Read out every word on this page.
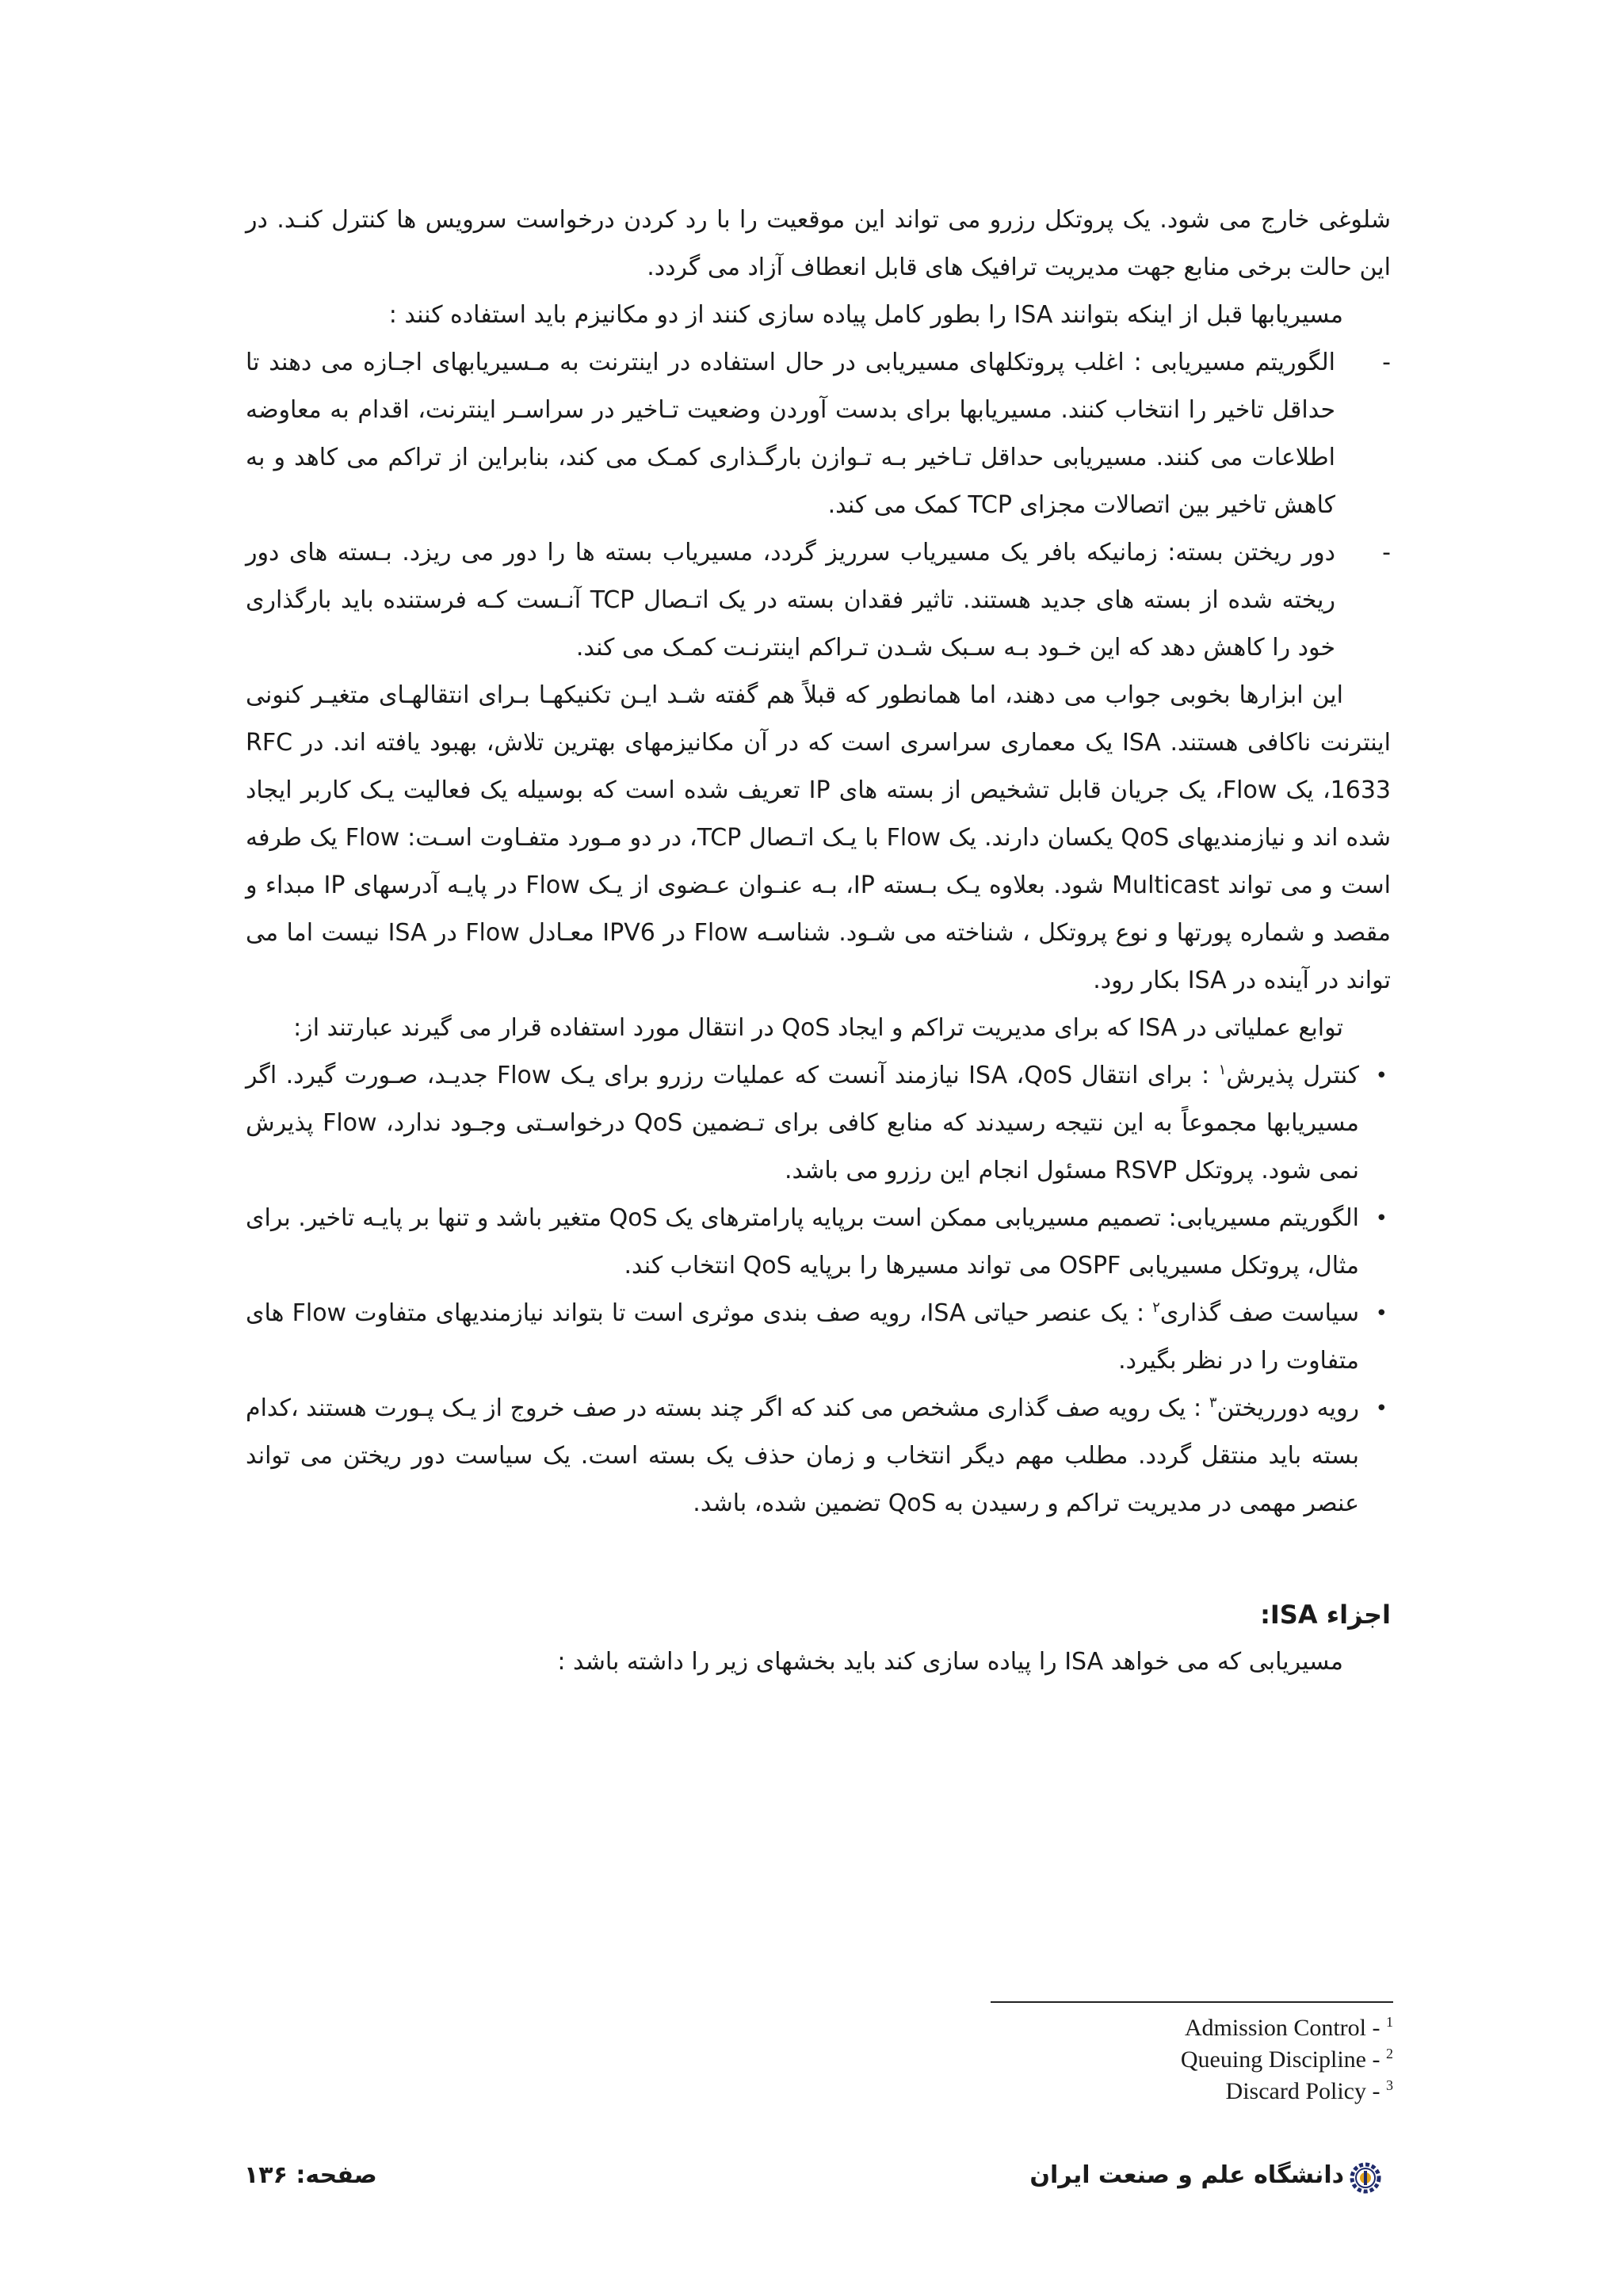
شلوغی خارج می شود. یک پروتکل رزرو می تواند این موقعیت را با رد کردن درخواست سرویس ها کنترل کنـد. در این حالت برخی منابع جهت مدیریت ترافیک های قابل انعطاف آزاد می گردد.

مسیریابها قبل از اینکه بتوانند ISA را بطور کامل پیاده سازی کنند از دو مکانیزم باید استفاده کنند :

- الگوریتم مسیریابی : اغلب پروتکلهای مسیریابی در حال استفاده در اینترنت به مـسیریابهای اجـازه می دهند تا حداقل تاخیر را انتخاب کنند. مسیریابها برای بدست آوردن وضعیت تـاخیر در سراسـر اینترنت، اقدام به معاوضه اطلاعات می کنند. مسیریابی حداقل تـاخیر بـه تـوازن بارگـذاری کمـک می کند، بنابراین از تراکم می کاهد و به کاهش تاخیر بین اتصالات مجزای TCP کمک می کند.
- دور ریختن بسته: زمانیکه بافر یک مسیریاب سرریز گردد، مسیریاب بسته ها را دور می ریزد. بـسته های دور ریخته شده از بسته های جدید هستند. تاثیر فقدان بسته در یک اتـصال TCP آنـست کـه فرستنده باید بارگذاری خود را کاهش دهد که این خـود بـه سـبک شـدن تـراکم اینترنـت کمـک می کند.

این ابزارها بخوبی جواب می دهند، اما همانطور که قبلاً هم گفته شـد ایـن تکنیکهـا بـرای انتقالهـای متغیـر کنونی اینترنت ناکافی هستند. ISA یک معماری سراسری است که در آن مکانیزمهای بهترین تلاش، بهبود یافته اند. در RFC 1633، یک Flow، یک جریان قابل تشخیص از بسته های IP تعریف شده است که بوسیله یک فعالیت یـک کاربر ایجاد شده اند و نیازمندیهای QoS یکسان دارند. یک Flow با یـک اتـصال TCP، در دو مـورد متفـاوت اسـت: Flow یک طرفه است و می تواند Multicast شود. بعلاوه یـک بـسته IP، بـه عنـوان عـضوی از یـک Flow در پایـه آدرسهای IP مبداء و مقصد و شماره پورتها و نوع پروتکل ، شناخته می شـود. شناسـه Flow در IPV6 معـادل Flow در ISA نیست اما می تواند در آینده در ISA بکار رود.

توابع عملیاتی در ISA که برای مدیریت تراکم و ایجاد QoS در انتقال مورد استفاده قرار می گیرند عبارتند از:

• کنترل پذیرش$^۱$ : برای انتقال ISA ،QoS نیازمند آنست که عملیات رزرو برای یـک Flow جدیـد، صـورت گیرد. اگر مسیریابها مجموعاً به این نتیجه رسیدند که منابع کافی برای تـضمین QoS درخواسـتی وجـود ندارد، Flow پذیرش نمی شود. پروتکل RSVP مسئول انجام این رزرو می باشد.
• الگوریتم مسیریابی: تصمیم مسیریابی ممکن است برپایه پارامترهای یک QoS متغیر باشد و تنها بر پایـه تاخیر. برای مثال، پروتکل مسیریابی OSPF می تواند مسیرها را برپایه QoS انتخاب کند.
• سیاست صف گذاری$^۲$ : یک عنصر حیاتی ISA، رویه صف بندی موثری است تا بتواند نیازمندیهای متفاوت Flow های متفاوت را در نظر بگیرد.
• رویه دورریختن$^۳$ : یک رویه صف گذاری مشخص می کند که اگر چند بسته در صف خروج از یـک پـورت هستند ،کدام بسته باید منتقل گردد. مطلب مهم دیگر انتخاب و زمان حذف یک بسته است. یک سیاست دور ریختن می تواند عنصر مهمی در مدیریت تراکم و رسیدن به QoS تضمین شده، باشد.

اجزاء ISA:

مسیریابی که می خواهد ISA را پیاده سازی کند باید بخشهای زیر را داشته باشد :

Admission Control - $^1$
Queuing Discipline - $^2$
Discard Policy - $^3$
دانشگاه علم و صنعت ایران
صفحه: ۱۳۶
